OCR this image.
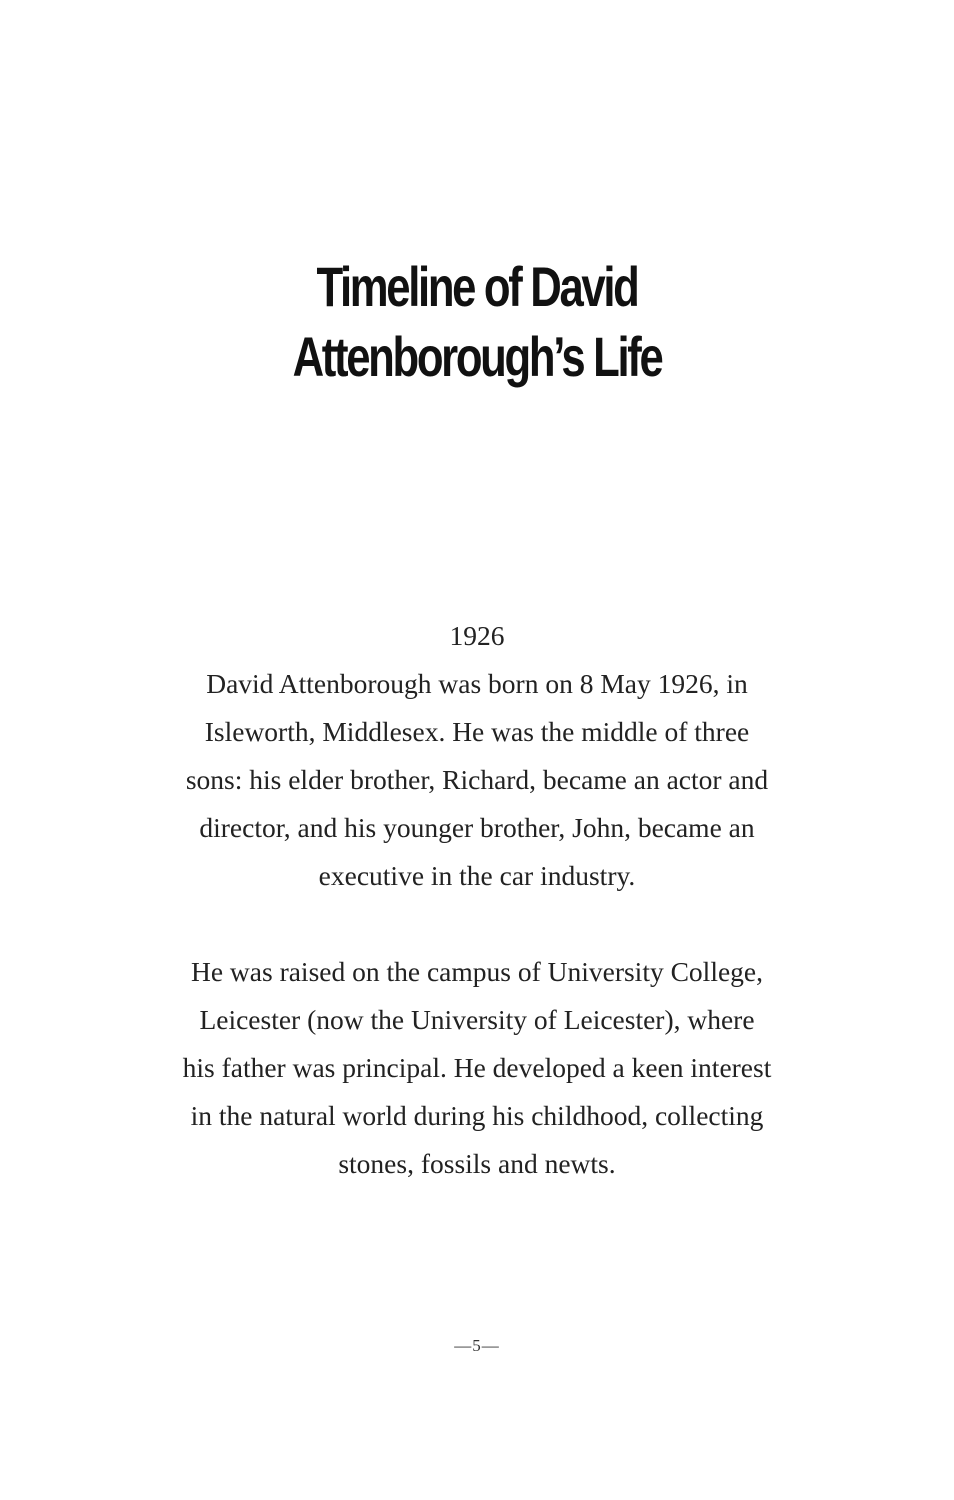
Timeline of David
Attenborough’s Life
1926

David Attenborough was born on 8 May 1926, in
Isleworth, Middlesex. He was the middle of three
sons: his elder brother, Richard, became an actor and
director, and his younger brother, John, became an
executive in the car industry.

He was raised on the campus of University College,
Leicester (now the University of Leicester), where
his father was principal. He developed a keen interest
in the natural world during his childhood, collecting
stones, fossils and newts.

—5—
